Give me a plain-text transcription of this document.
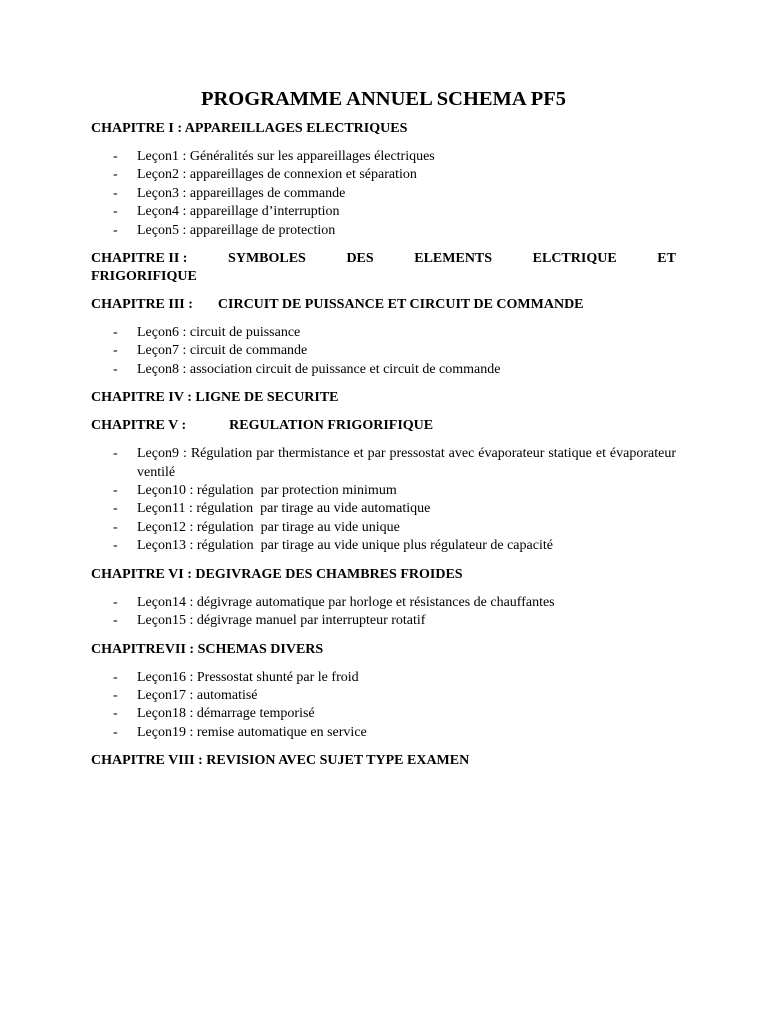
PROGRAMME ANNUEL SCHEMA PF5

CHAPITRE I : APPAREILLAGES ELECTRIQUES

- Leçon1 : Généralités sur les appareillages électriques
- Leçon2 : appareillages de connexion et séparation
- Leçon3 : appareillages de commande
- Leçon4 : appareillage d’interruption
- Leçon5 : appareillage de protection
CHAPITRE II :	SYMBOLES	DES	ELEMENTS	ELCTRIQUE	ET

FRIGORIFIQUE

CHAPITRE III : CIRCUIT DE PUISSANCE ET CIRCUIT DE COMMANDE

- Leçon6 : circuit de puissance
- Leçon7 : circuit de commande
- Leçon8 : association circuit de puissance et circuit de commande

CHAPITRE IV : LIGNE DE SECURITE

CHAPITRE V :	REGULATION FRIGORIFIQUE

- Leçon9 : Régulation par thermistance et par pressostat avec évaporateur statique et évaporateur ventilé
- Leçon10 : régulation  par protection minimum
- Leçon11 : régulation  par tirage au vide automatique
- Leçon12 : régulation  par tirage au vide unique
- Leçon13 : régulation  par tirage au vide unique plus régulateur de capacité

CHAPITRE VI : DEGIVRAGE DES CHAMBRES FROIDES

- Leçon14 : dégivrage automatique par horloge et résistances de chauffantes
- Leçon15 : dégivrage manuel par interrupteur rotatif

CHAPITREVII : SCHEMAS DIVERS

- Leçon16 : Pressostat shunté par le froid
- Leçon17 : automatisé
- Leçon18 : démarrage temporisé
- Leçon19 : remise automatique en service

CHAPITRE VIII : REVISION AVEC SUJET TYPE EXAMEN
